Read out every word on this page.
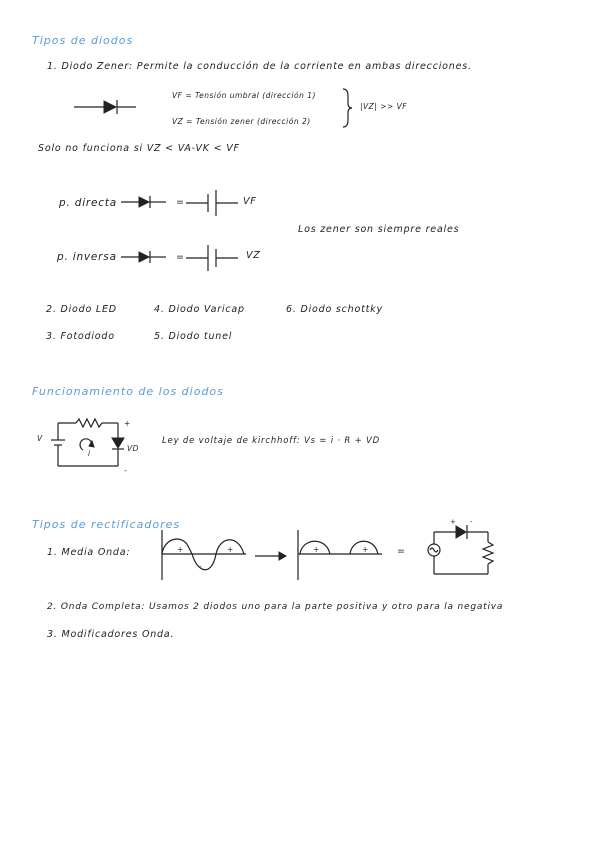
Tipos de diodos
1. Diodo Zener: Permite la conducción de la corriente en ambas direcciones.
VF = Tensión umbral (dirección 1)
VZ = Tensión zener (dirección 2)
|VZ| >> VF
Solo no funciona si VZ < VA-VK < VF
p. directa	=	VF
Los zener son siempre reales
p. inversa	=	VZ
2. Diodo LED	4. Diodo Varicap	6. Diodo schottky
3. Fotodiodo	5. Diodo tunel
Funcionamiento de los diodos
V
i
+
VD
-
Ley de voltaje de kirchhoff: Vs = i · R + VD
Tipos de rectificadores
1. Media Onda:	+
-
+	+	+	=
+ -
2. Onda Completa: Usamos 2 diodos uno para la parte positiva y otro para la negativa
3. Modificadores Onda.
